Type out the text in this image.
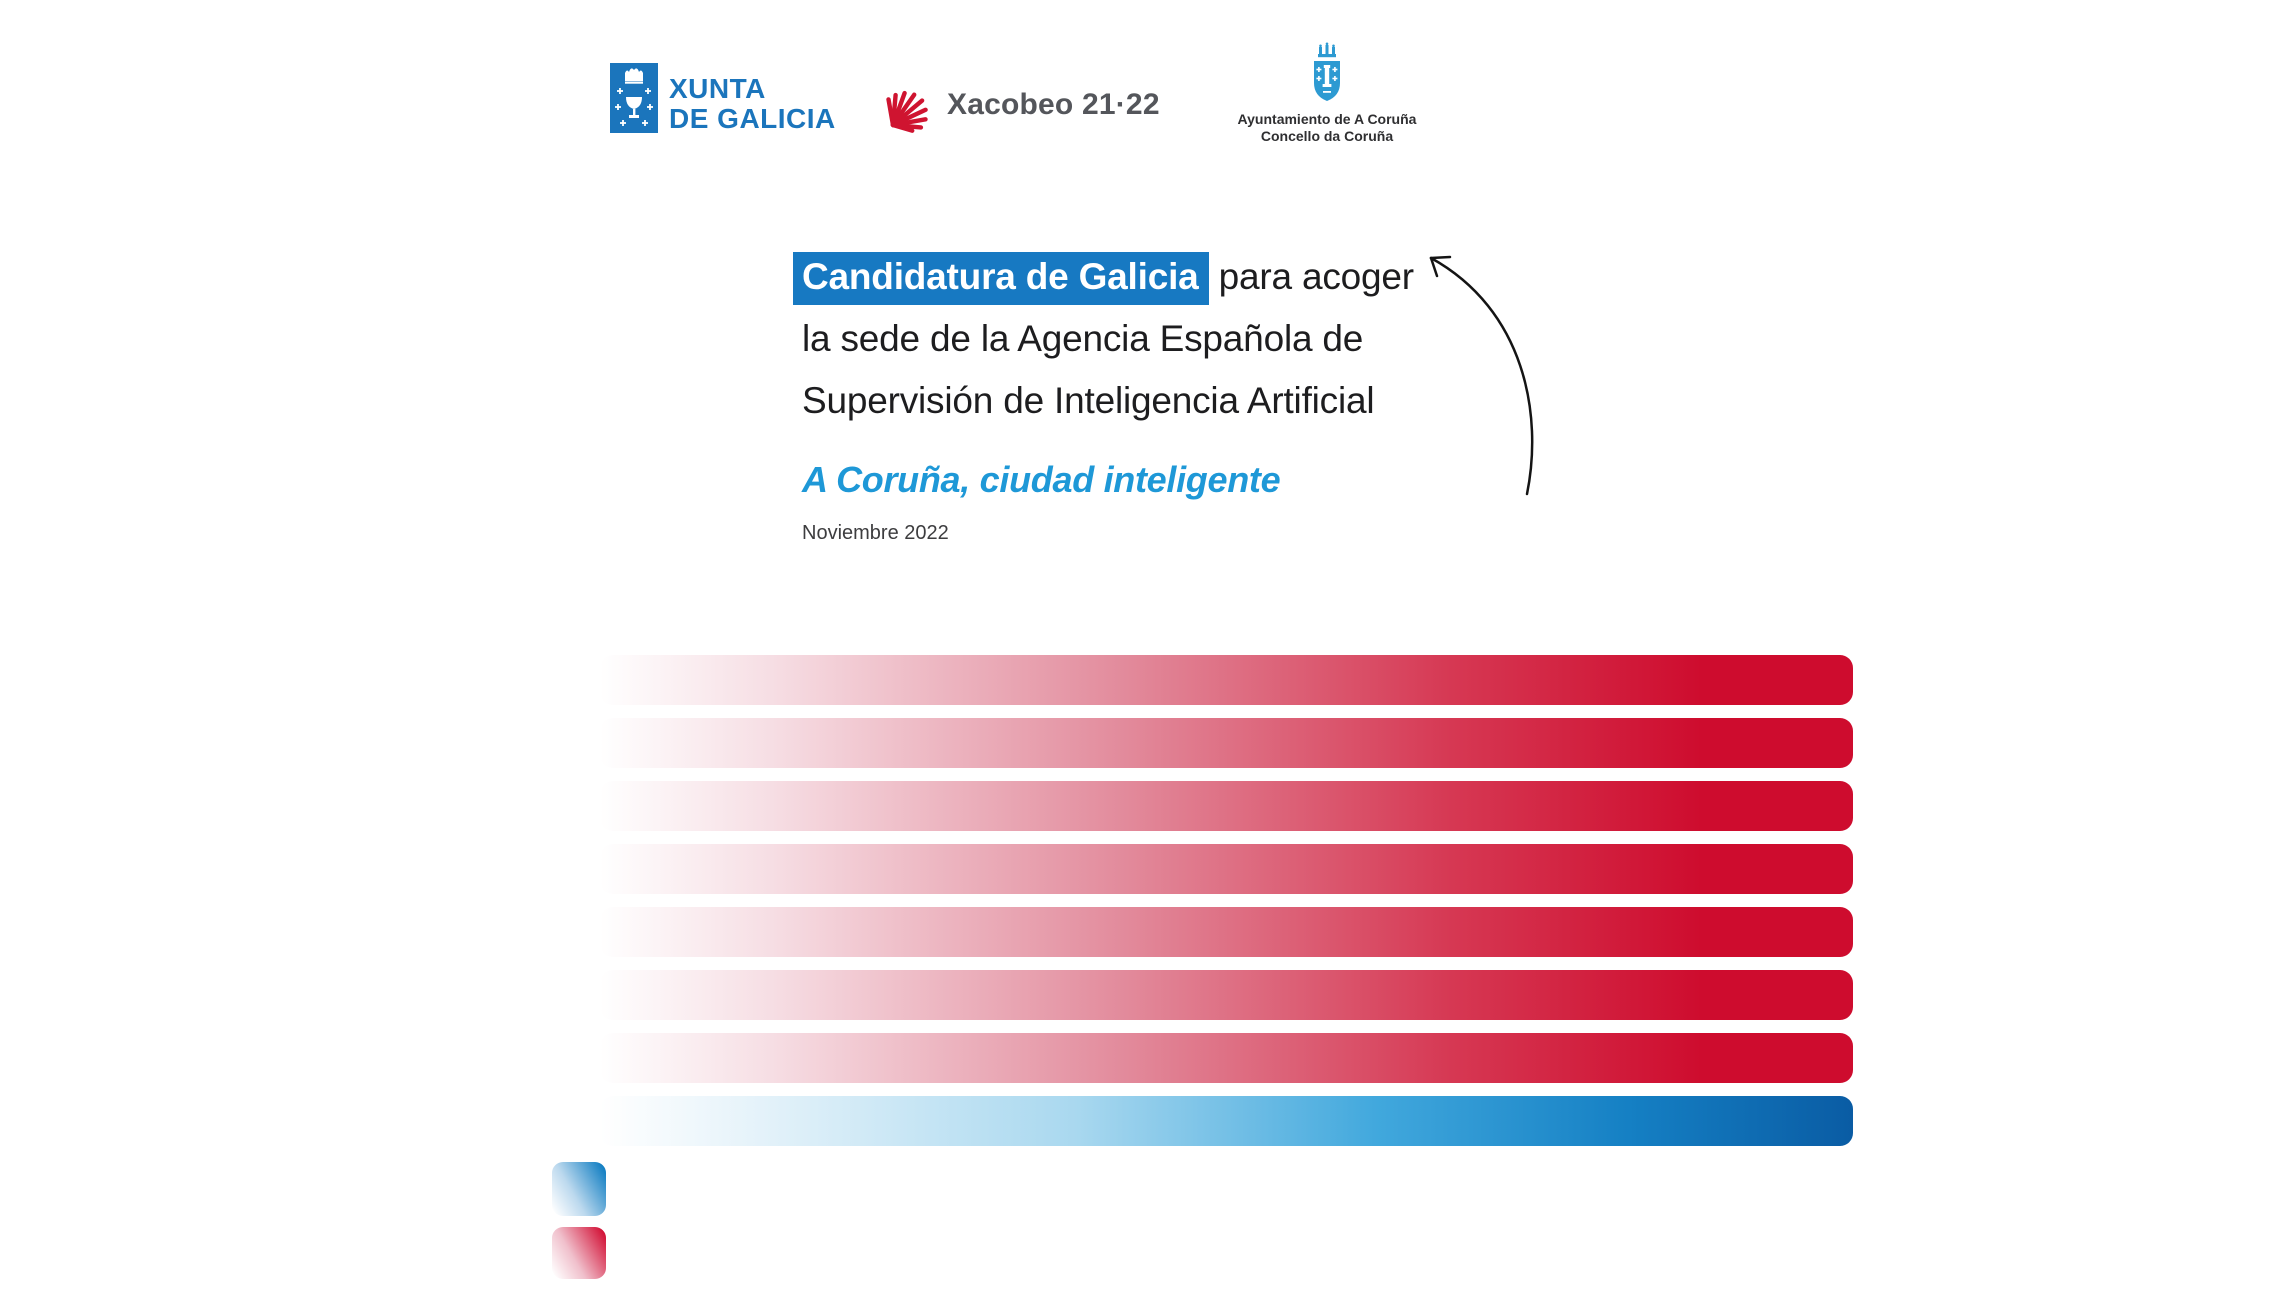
XUNTA
DE GALICIA	Xacobeo 21·22	Ayuntamiento de A Coruña
Concello da Coruña
Candidatura de Galicia para acoger
la sede de la Agencia Española de
Supervisión de Inteligencia Artificial
A Coruña, ciudad inteligente
Noviembre 2022
